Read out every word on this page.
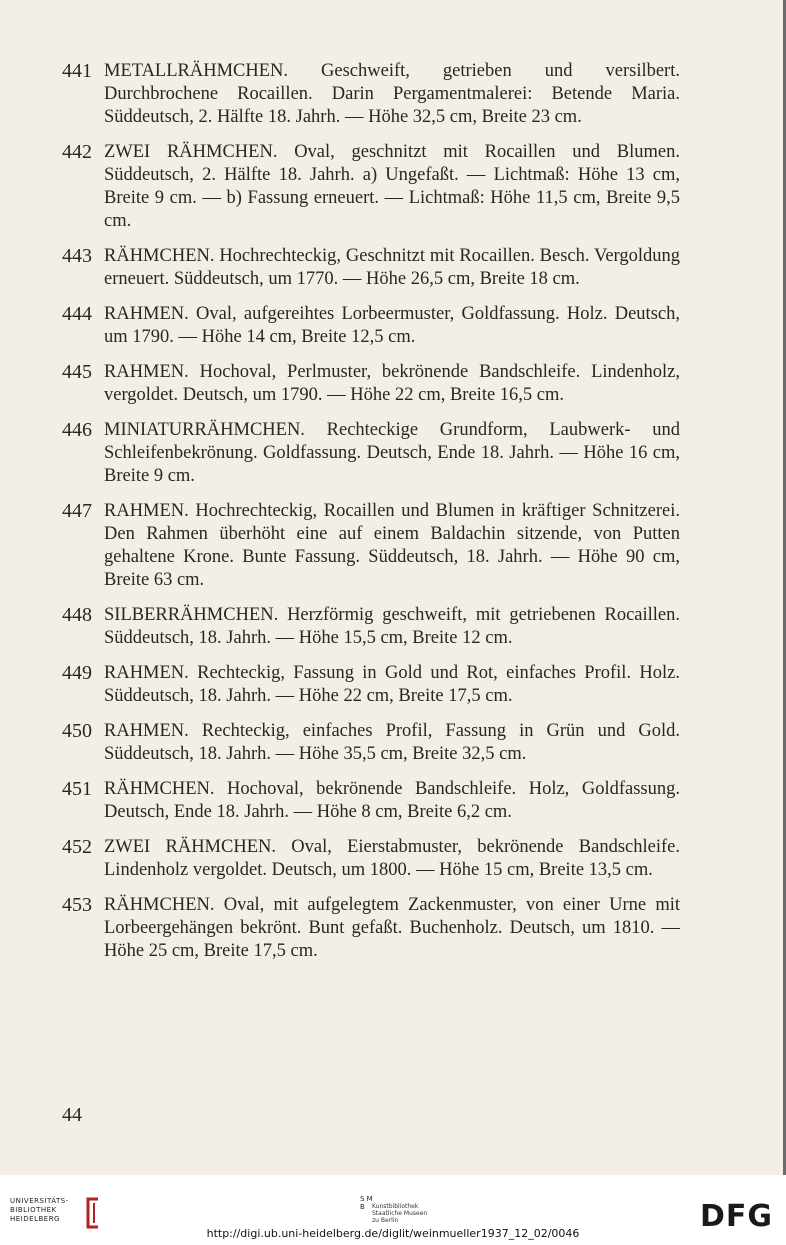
441 METALLRÄHMCHEN. Geschweift, getrieben und versilbert. Durchbrochene Rocaillen. Darin Pergamentmalerei: Betende Maria. Süddeutsch, 2. Hälfte 18. Jahrh. — Höhe 32,5 cm, Breite 23 cm.
442 ZWEI RÄHMCHEN. Oval, geschnitzt mit Rocaillen und Blumen. Süddeutsch, 2. Hälfte 18. Jahrh. a) Ungefaßt. — Lichtmaß: Höhe 13 cm, Breite 9 cm. — b) Fassung erneuert. — Lichtmaß: Höhe 11,5 cm, Breite 9,5 cm.
443 RÄHMCHEN. Hochrechteckig, Geschnitzt mit Rocaillen. Besch. Vergoldung erneuert. Süddeutsch, um 1770. — Höhe 26,5 cm, Breite 18 cm.
444 RAHMEN. Oval, aufgereihtes Lorbeermuster, Goldfassung. Holz. Deutsch, um 1790. — Höhe 14 cm, Breite 12,5 cm.
445 RAHMEN. Hochoval, Perlmuster, bekrönende Bandschleife. Lindenholz, vergoldet. Deutsch, um 1790. — Höhe 22 cm, Breite 16,5 cm.
446 MINIATURRÄHMCHEN. Rechteckige Grundform, Laubwerk- und Schleifenbekrönung. Goldfassung. Deutsch, Ende 18. Jahrh. — Höhe 16 cm, Breite 9 cm.
447 RAHMEN. Hochrechteckig, Rocaillen und Blumen in kräftiger Schnitzerei. Den Rahmen überhöht eine auf einem Baldachin sitzende, von Putten gehaltene Krone. Bunte Fassung. Süddeutsch, 18. Jahrh. — Höhe 90 cm, Breite 63 cm.
448 SILBERRÄHMCHEN. Herzförmig geschweift, mit getriebenen Rocaillen. Süddeutsch, 18. Jahrh. — Höhe 15,5 cm, Breite 12 cm.
449 RAHMEN. Rechteckig, Fassung in Gold und Rot, einfaches Profil. Holz. Süddeutsch, 18. Jahrh. — Höhe 22 cm, Breite 17,5 cm.
450 RAHMEN. Rechteckig, einfaches Profil, Fassung in Grün und Gold. Süddeutsch, 18. Jahrh. — Höhe 35,5 cm, Breite 32,5 cm.
451 RÄHMCHEN. Hochoval, bekrönende Bandschleife. Holz, Goldfassung. Deutsch, Ende 18. Jahrh. — Höhe 8 cm, Breite 6,2 cm.
452 ZWEI RÄHMCHEN. Oval, Eierstabmuster, bekrönende Bandschleife. Lindenholz vergoldet. Deutsch, um 1800. — Höhe 15 cm, Breite 13,5 cm.
453 RÄHMCHEN. Oval, mit aufgelegtem Zackenmuster, von einer Urne mit Lorbeergehängen bekrönt. Bunt gefaßt. Buchenholz. Deutsch, um 1810. — Höhe 25 cm, Breite 17,5 cm.
44
UNIVERSITÄTS-
BIBLIOTHEK
HEIDELBERG
S M
B	Kunstbibliothek
Staatliche Museen
zu Berlin	DFG
http://digi.ub.uni-heidelberg.de/diglit/weinmueller1937_12_02/0046
